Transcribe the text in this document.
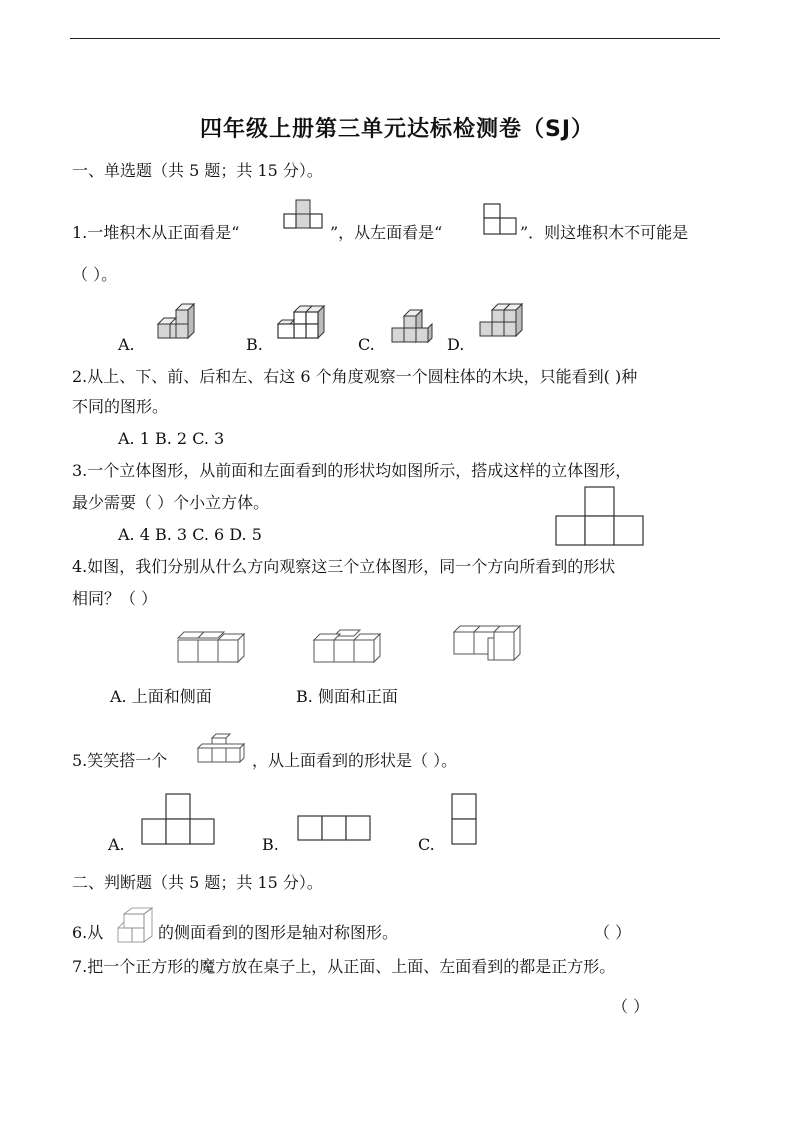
四年级上册第三单元达标检测卷（SJ）
一、单选题（共 5 题；共 15 分）。
1.一堆积木从正面看是“	”，从左面看是“	”．则这堆积木不可能是
（ ）。
A.	B.	C.	D.
2.从上、下、前、后和左、右这 6 个角度观察一个圆柱体的木块，只能看到( )种
不同的图形。
A. 1 B. 2 C. 3
3.一个立体图形，从前面和左面看到的形状均如图所示，搭成这样的立体图形，
最少需要（ ）个小立方体。
A. 4 B. 3 C. 6 D. 5
4.如图，我们分别从什么方向观察这三个立体图形，同一个方向所看到的形状
相同？（ ）
A. 上面和侧面	B. 侧面和正面
5.笑笑搭一个	，从上面看到的形状是（ ）。
A.	B.	C.
二、判断题（共 5 题；共 15 分）。
6.从	的侧面看到的图形是轴对称图形。	（ ）
7.把一个正方形的魔方放在桌子上，从正面、上面、左面看到的都是正方形。
（ ）
